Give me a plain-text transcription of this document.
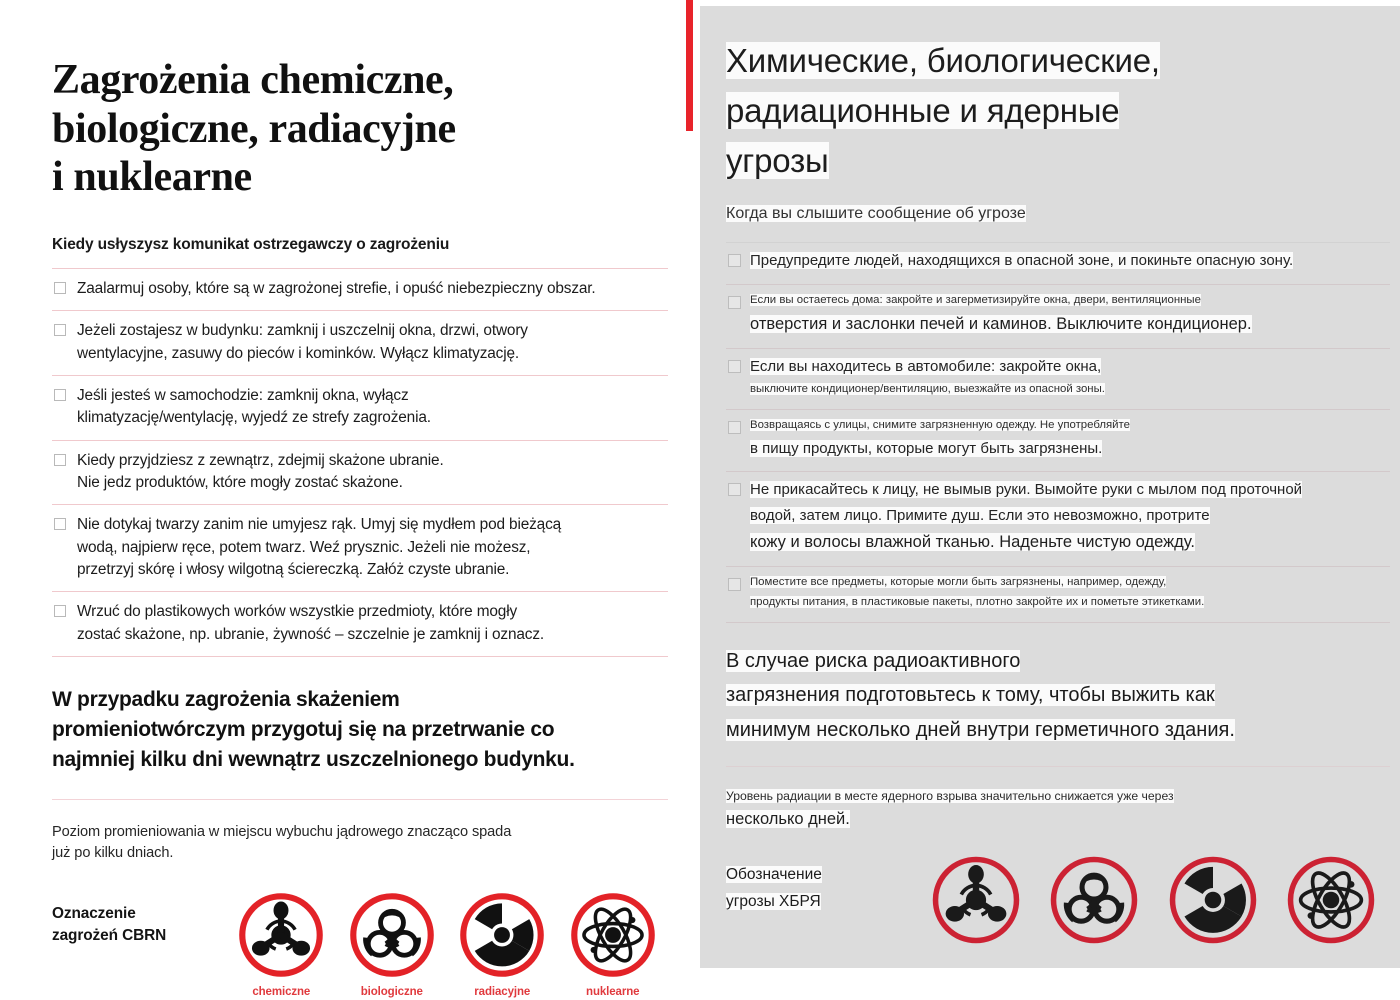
Zagrożenia chemiczne,
biologiczne, radiacyjne
i nuklearne
Kiedy usłyszysz komunikat ostrzegawczy o zagrożeniu
Zaalarmuj osoby, które są w zagrożonej strefie, i opuść niebezpieczny obszar.
Jeżeli zostajesz w budynku: zamknij i uszczelnij okna, drzwi, otwory
wentylacyjne, zasuwy do pieców i kominków. Wyłącz klimatyzację.
Jeśli jesteś w samochodzie: zamknij okna, wyłącz
klimatyzację/wentylację, wyjedź ze strefy zagrożenia.
Kiedy przyjdziesz z zewnątrz, zdejmij skażone ubranie.
Nie jedz produktów, które mogły zostać skażone.
Nie dotykaj twarzy zanim nie umyjesz rąk. Umyj się mydłem pod bieżącą
wodą, najpierw ręce, potem twarz. Weź prysznic. Jeżeli nie możesz,
przetrzyj skórę i włosy wilgotną ściereczką. Załóż czyste ubranie.
Wrzuć do plastikowych worków wszystkie przedmioty, które mogły
zostać skażone, np. ubranie, żywność – szczelnie je zamknij i oznacz.
W przypadku zagrożenia skażeniem
promieniotwórczym przygotuj się na przetrwanie co
najmniej kilku dni wewnątrz uszczelnionego budynku.
Poziom promieniowania w miejscu wybuchu jądrowego znacząco spada
już po kilku dniach.
Oznaczenie
zagrożeń CBRN
chemiczne	biologiczne	radiacyjne	nuklearne
Химические, биологические,
радиационные и ядерные
угрозы
Когда вы слышите сообщение об угрозе
Предупредите людей, находящихся в опасной зоне, и покиньте опасную зону.
Если вы остаетесь дома: закройте и загерметизируйте окна, двери, вентиляционные
отверстия и заслонки печей и каминов. Выключите кондиционер.
Если вы находитесь в автомобиле: закройте окна,
выключите кондиционер/вентиляцию, выезжайте из опасной зоны.
Возвращаясь с улицы, снимите загрязненную одежду. Не употребляйте
в пищу продукты, которые могут быть загрязнены.
Не прикасайтесь к лицу, не вымыв руки. Вымойте руки с мылом под проточной
водой, затем лицо. Примите душ. Если это невозможно, протрите
кожу и волосы влажной тканью. Наденьте чистую одежду.
Поместите все предметы, которые могли быть загрязнены, например, одежду,
продукты питания, в пластиковые пакеты, плотно закройте их и пометьте этикетками.
В случае риска радиоактивного
загрязнения подготовьтесь к тому, чтобы выжить как
минимум несколько дней внутри герметичного здания.
Уровень радиации в месте ядерного взрыва значительно снижается уже через
несколько дней.
Обозначение
угрозы ХБРЯ
